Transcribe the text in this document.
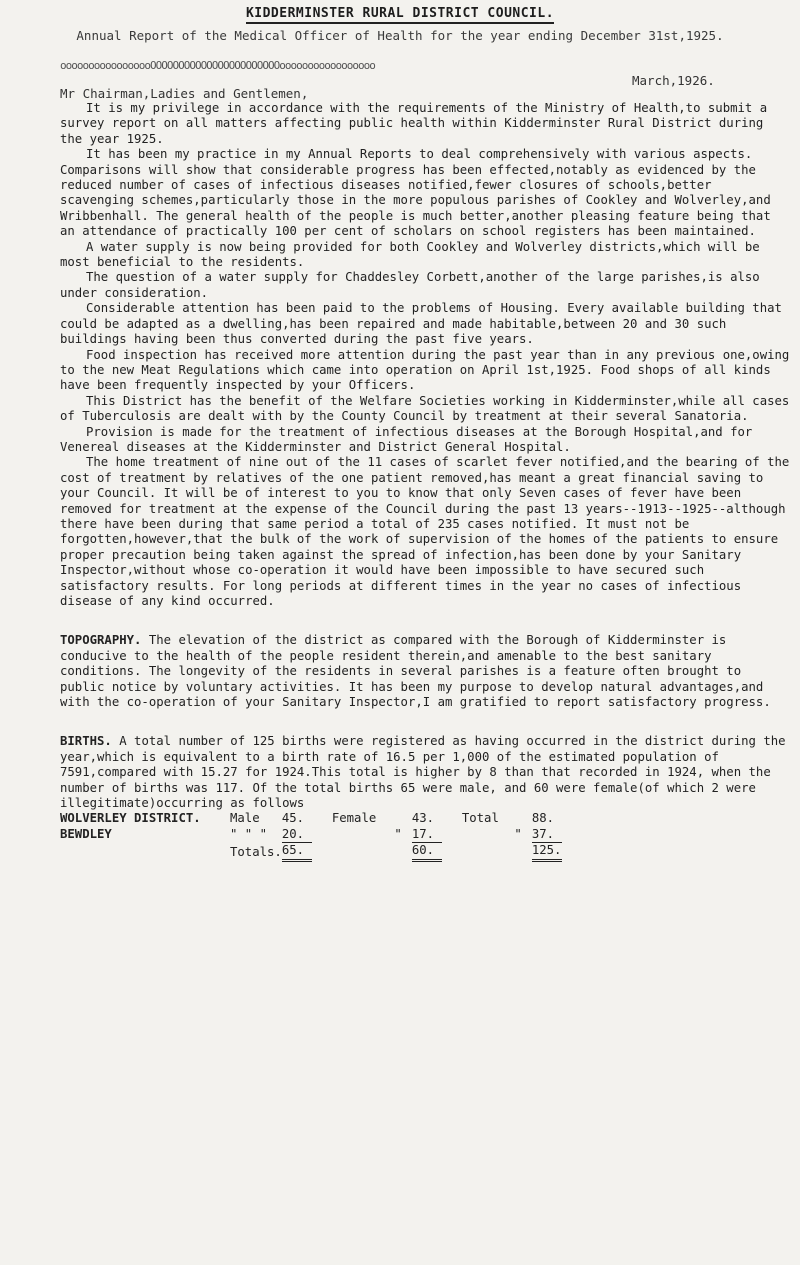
KIDDERMINSTER RURAL DISTRICT COUNCIL.
Annual Report of the Medical Officer of Health for the year ending December 31st,1925.
ooooooooooooooooOOOOOOOOOOOOOOOOOOOOOOOooooooooooooooooo
March,1926.
Mr Chairman,Ladies and Gentlemen,

It is my privilege in accordance with the requirements of the Ministry of Health,to submit a survey report on all matters affecting public health within Kidderminster Rural District during the year 1925.

It has been my practice in my Annual Reports to deal comprehensively with various aspects. Comparisons will show that considerable progress has been effected,notably as evidenced by the reduced number of cases of infectious diseases notified,fewer closures of schools,better scavenging schemes,particularly those in the more populous parishes of Cookley and Wolverley,and Wribbenhall. The general health of the people is much better,another pleasing feature being that an attendance of practically 100 per cent of scholars on school registers has been maintained.

A water supply is now being provided for both Cookley and Wolverley districts,which will be most beneficial to the residents.

The question of a water supply for Chaddesley Corbett,another of the large parishes,is also under consideration.

Considerable attention has been paid to the problems of Housing. Every available building that could be adapted as a dwelling,has been repaired and made habitable,between 20 and 30 such buildings having been thus converted during the past five years.

Food inspection has received more attention during the past year than in any previous one,owing to the new Meat Regulations which came into operation on April 1st,1925. Food shops of all kinds have been frequently inspected by your Officers.

This District has the benefit of the Welfare Societies working in Kidderminster,while all cases of Tuberculosis are dealt with by the County Council by treatment at their several Sanatoria.

Provision is made for the treatment of infectious diseases at the Borough Hospital,and for Venereal diseases at the Kidderminster and District General Hospital.

The home treatment of nine out of the 11 cases of scarlet fever notified,and the bearing of the cost of treatment by relatives of the one patient removed,has meant a great financial saving to your Council. It will be of interest to you to know that only Seven cases of fever have been removed for treatment at the expense of the Council during the past 13 years--1913--1925--although there have been during that same period a total of 235 cases notified. It must not be forgotten,however,that the bulk of the work of supervision of the homes of the patients to ensure proper precaution being taken against the spread of infection,has been done by your Sanitary Inspector,without whose co-operation it would have been impossible to have secured such satisfactory results. For long periods at different times in the year no cases of infectious disease of any kind occurred.

TOPOGRAPHY. The elevation of the district as compared with the Borough of Kidderminster is conducive to the health of the people resident therein,and amenable to the best sanitary conditions. The longevity of the residents in several parishes is a feature often brought to public notice by voluntary activities. It has been my purpose to develop natural advantages,and with the co-operation of your Sanitary Inspector,I am gratified to report satisfactory progress.

BIRTHS. A total number of 125 births were registered as having occurred in the district during the year,which is equivalent to a birth rate of 16.5 per 1,000 of the estimated population of 7591,compared with 15.27 for 1924.This total is higher by 8 than that recorded in 1924, when the number of births was 117. Of the total births 65 were male, and 60 were female(of which 2 were illegitimate)occurring as follows

WOLVERLEY DISTRICT.	Male	45.		Female	43.		Total	88.
BEWDLEY	" " "	20.		"	17.		"	37.
	Totals.	65.			60.			125.
